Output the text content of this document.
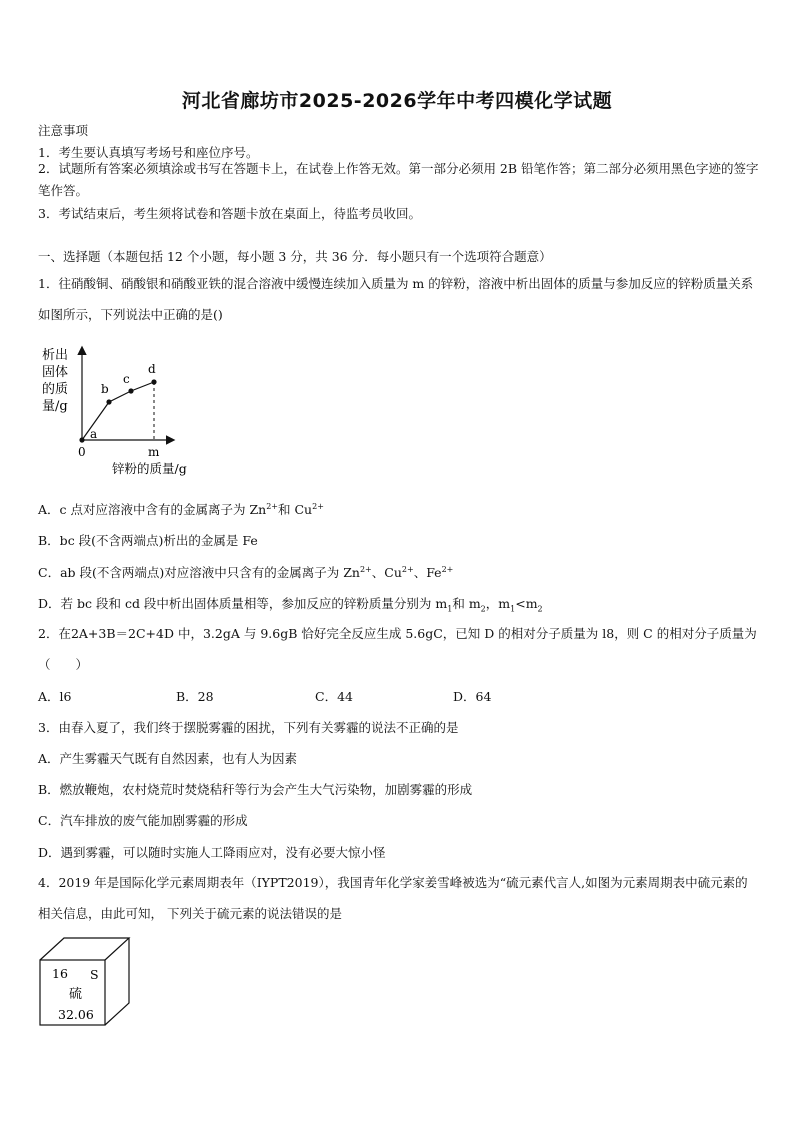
河北省廊坊市2025-2026学年中考四模化学试题
注意事项
1．考生要认真填写考场号和座位序号。
2．试题所有答案必须填涂或书写在答题卡上，在试卷上作答无效。第一部分必须用 2B 铅笔作答；第二部分必须用黑色字迹的签字笔作答。
3．考试结束后，考生须将试卷和答题卡放在桌面上，待监考员收回。
一、选择题（本题包括 12 个小题，每小题 3 分，共 36 分．每小题只有一个选项符合题意）
1．往硝酸铜、硝酸银和硝酸亚铁的混合溶液中缓慢连续加入质量为 m 的锌粉，溶液中析出固体的质量与参加反应的锌粉质量关系如图所示，下列说法中正确的是()
析出
固体
的质
量/g
a
b
c
d
0	m
锌粉的质量/g
A．c 点对应溶液中含有的金属离子为 $Zn^{2+}$和 $Cu^{2+}$
B．bc 段(不含两端点)析出的金属是 Fe
C．ab 段(不含两端点)对应溶液中只含有的金属离子为 $Zn^{2+}$、$Cu^{2+}$、$Fe^{2+}$
D．若 bc 段和 cd 段中析出固体质量相等，参加反应的锌粉质量分别为 $m_1$和 $m_2$，$m_1<m_2$
2．在2A+3B＝2C+4D 中，3.2gA 与 9.6gB 恰好完全反应生成 5.6gC，已知 D 的相对分子质量为 l8，则 C 的相对分子质量为（　　）
A．l6	B．28	C．44	D．64
3．由春入夏了，我们终于摆脱雾霾的困扰，下列有关雾霾的说法不正确的是
A．产生雾霾天气既有自然因素，也有人为因素
B．燃放鞭炮，农村烧荒时焚烧秸秆等行为会产生大气污染物，加剧雾霾的形成
C．汽车排放的废气能加剧雾霾的形成
D．遇到雾霾，可以随时实施人工降雨应对，没有必要大惊小怪
4．2019 年是国际化学元素周期表年（IYPT2019），我国青年化学家姜雪峰被选为“硫元素代言人,如图为元素周期表中硫元素的相关信息，由此可知， 下列关于硫元素的说法错误的是
16 S
硫
32.06
